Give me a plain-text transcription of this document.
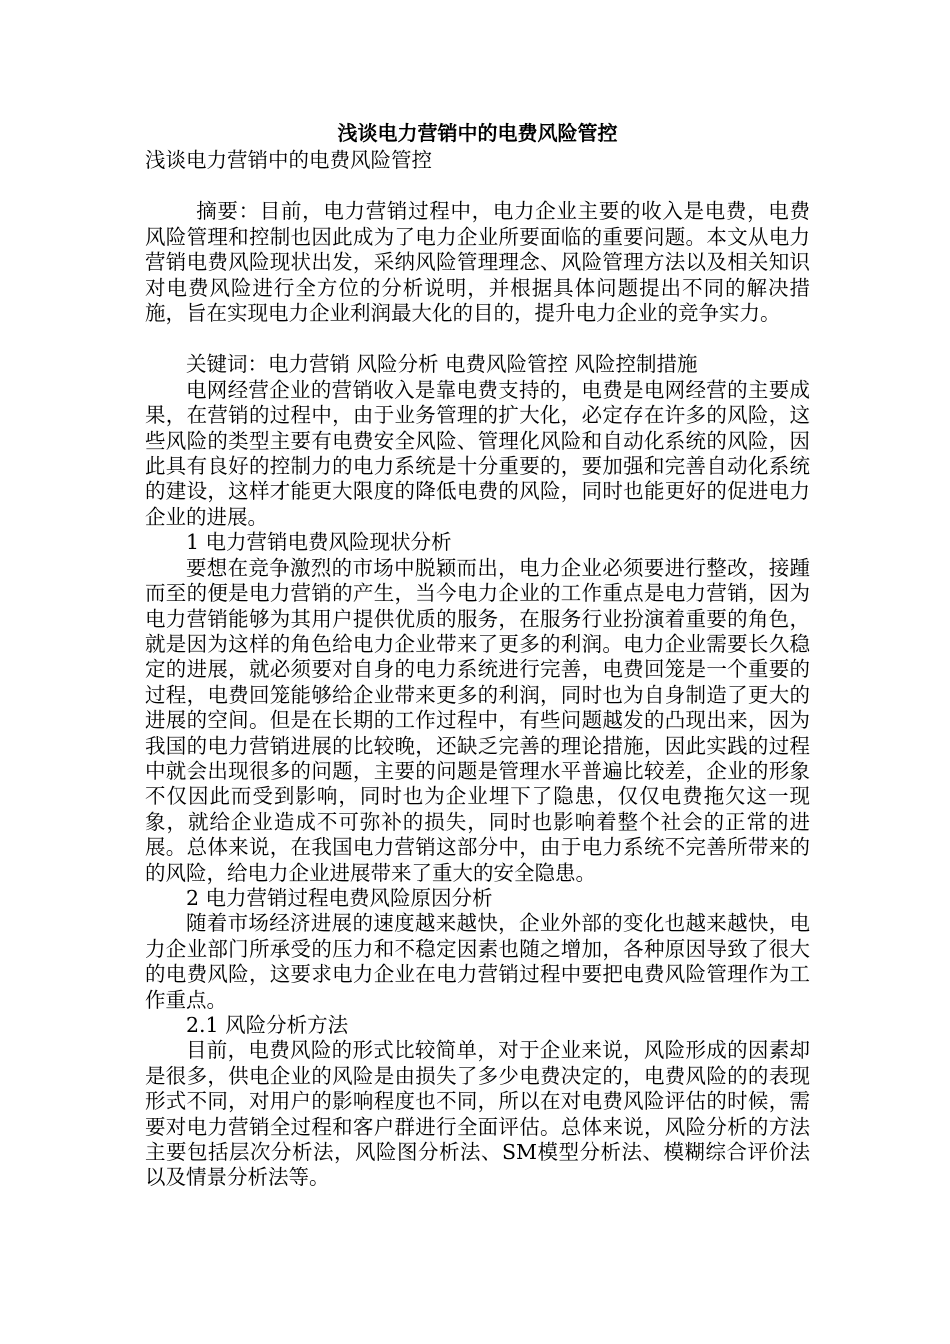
浅谈电力营销中的电费风险管控

浅谈电力营销中的电费风险管控

摘要：目前，电力营销过程中，电力企业主要的收入是电费，电费风险管理和控制也因此成为了电力企业所要面临的重要问题。本文从电力营销电费风险现状出发，采纳风险管理理念、风险管理方法以及相关知识对电费风险进行全方位的分析说明，并根据具体问题提出不同的解决措施，旨在实现电力企业利润最大化的目的，提升电力企业的竞争实力。

关键词：电力营销 风险分析 电费风险管控 风险控制措施

电网经营企业的营销收入是靠电费支持的，电费是电网经营的主要成果，在营销的过程中，由于业务管理的扩大化，必定存在许多的风险，这些风险的类型主要有电费安全风险、管理化风险和自动化系统的风险，因此具有良好的控制力的电力系统是十分重要的，要加强和完善自动化系统的建设，这样才能更大限度的降低电费的风险，同时也能更好的促进电力企业的进展。

1 电力营销电费风险现状分析

要想在竞争激烈的市场中脱颖而出，电力企业必须要进行整改，接踵而至的便是电力营销的产生，当今电力企业的工作重点是电力营销，因为电力营销能够为其用户提供优质的服务，在服务行业扮演着重要的角色，就是因为这样的角色给电力企业带来了更多的利润。电力企业需要长久稳定的进展，就必须要对自身的电力系统进行完善，电费回笼是一个重要的过程，电费回笼能够给企业带来更多的利润，同时也为自身制造了更大的进展的空间。但是在长期的工作过程中，有些问题越发的凸现出来，因为我国的电力营销进展的比较晚，还缺乏完善的理论措施，因此实践的过程中就会出现很多的问题，主要的问题是管理水平普遍比较差，企业的形象不仅因此而受到影响，同时也为企业埋下了隐患，仅仅电费拖欠这一现象，就给企业造成不可弥补的损失，同时也影响着整个社会的正常的进展。总体来说，在我国电力营销这部分中，由于电力系统不完善所带来的的风险，给电力企业进展带来了重大的安全隐患。

2 电力营销过程电费风险原因分析

随着市场经济进展的速度越来越快，企业外部的变化也越来越快，电力企业部门所承受的压力和不稳定因素也随之增加，各种原因导致了很大的电费风险，这要求电力企业在电力营销过程中要把电费风险管理作为工作重点。

2.1 风险分析方法

目前，电费风险的形式比较简单，对于企业来说，风险形成的因素却是很多，供电企业的风险是由损失了多少电费决定的，电费风险的的表现形式不同，对用户的影响程度也不同，所以在对电费风险评估的时候，需要对电力营销全过程和客户群进行全面评估。总体来说，风险分析的方法主要包括层次分析法，风险图分析法、SM模型分析法、模糊综合评价法以及情景分析法等。
